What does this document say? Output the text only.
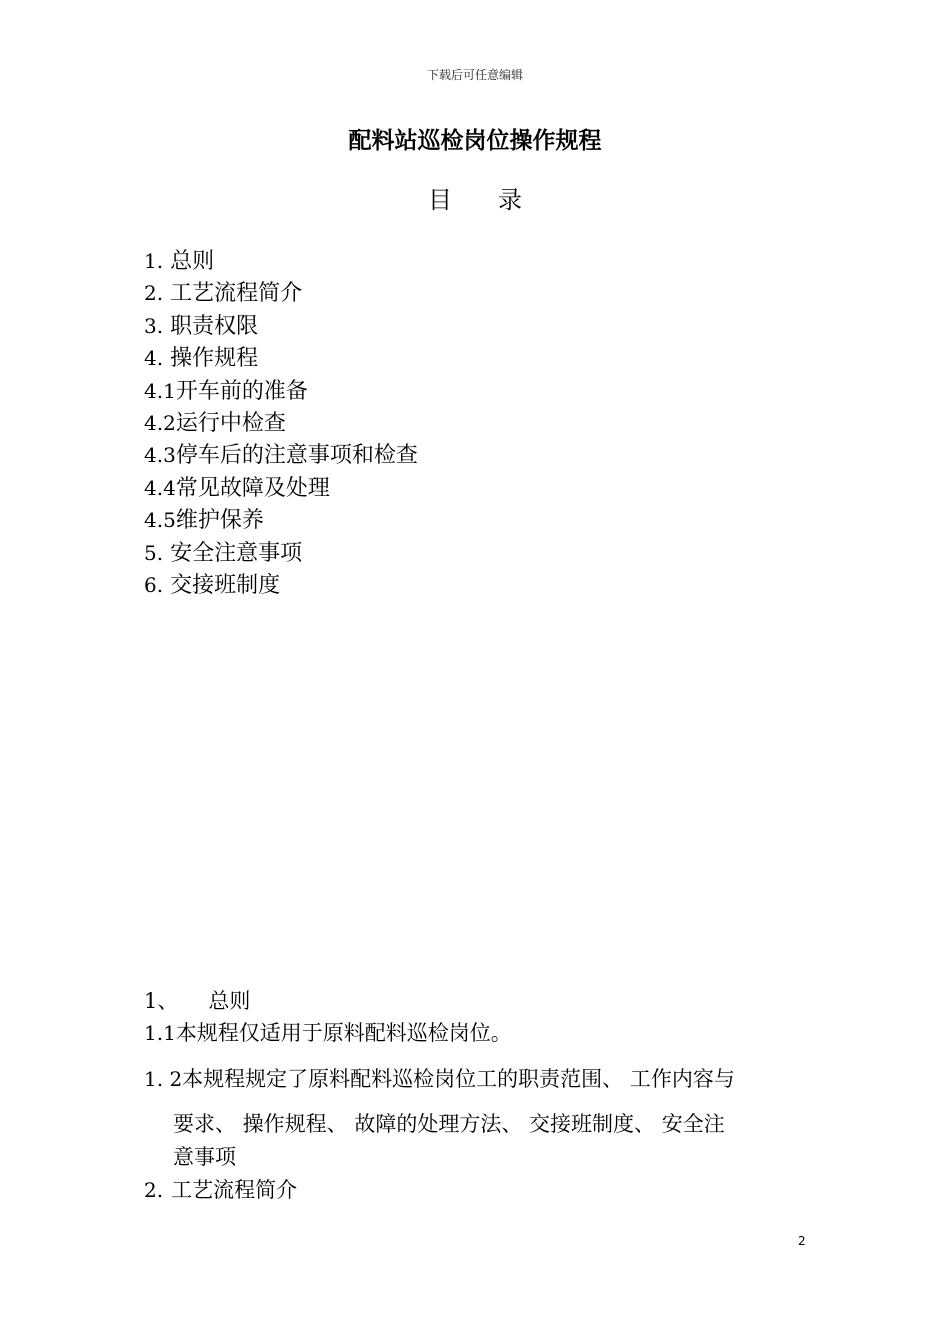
下载后可任意编辑
配料站巡检岗位操作规程
目 录
1. 总则
2. 工艺流程简介
3. 职责权限
4. 操作规程
4.1开车前的准备
4.2运行中检查
4.3停车后的注意事项和检查
4.4常见故障及处理
4.5维护保养
5. 安全注意事项
6. 交接班制度
1、 总则
1.1本规程仅适用于原料配料巡检岗位。
1. 2本规程规定了原料配料巡检岗位工的职责范围、 工作内容与
要求、 操作规程、 故障的处理方法、 交接班制度、 安全注
意事项
2. 工艺流程简介
2
